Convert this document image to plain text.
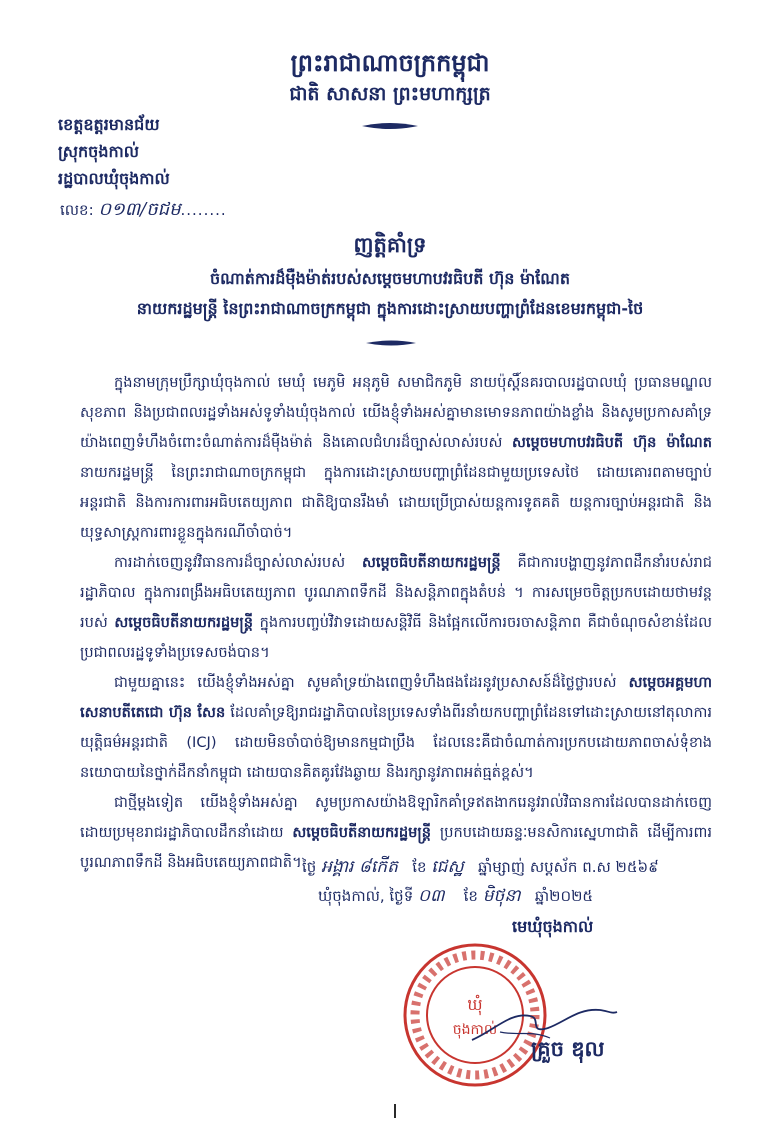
ព្រះរាជាណាចក្រកម្ពុជា
ជាតិ សាសនា ព្រះមហាក្សត្រ
ខេត្តឧត្ដរមានជ័យ
ស្រុកចុងកាល់
រដ្ឋបាលឃុំចុងកាល់
លេខ: ០១៣/ចជម........
ញត្តិគាំទ្រ
ចំណាត់ការដ៏ម៉ឺងម៉ាត់របស់សម្ដេចមហាបវរធិបតី ហ៊ុន ម៉ាណែត
នាយករដ្ឋមន្ត្រី នៃព្រះរាជាណាចក្រកម្ពុជា ក្នុងការដោះស្រាយបញ្ហាព្រំដែនខេមរកម្ពុជា-ថៃ

ក្នុងនាមក្រុមប្រឹក្សាឃុំចុងកាល់ មេឃុំ មេភូមិ អនុភូមិ សមាជិកភូមិ នាយប៉ុស្តិ៍នគរបាលរដ្ឋបាលឃុំ ប្រធានមណ្ឌលសុខភាព និងប្រជាពលរដ្ឋទាំងអស់ទូទាំងឃុំចុងកាល់ យើងខ្ញុំទាំងអស់គ្នាមានមោទនភាពយ៉ាងខ្លាំង និងសូមប្រកាសគាំទ្រយ៉ាងពេញទំហឹងចំពោះចំណាត់ការដ៏ម៉ឺងម៉ាត់ និងគោលជំហរដ៏ច្បាស់លាស់របស់ សម្តេចមហាបវរធិបតី ហ៊ុន ម៉ាណែត នាយករដ្ឋមន្ត្រី នៃព្រះរាជាណាចក្រកម្ពុជា ក្នុងការដោះស្រាយបញ្ហាព្រំដែនជាមួយប្រទេសថៃ ដោយគោរពតាមច្បាប់អន្តរជាតិ និងការការពារអធិបតេយ្យភាព ជាតិឱ្យបានរឹងមាំ ដោយប្រើប្រាស់យន្តការទូតគតិ យន្តការច្បាប់អន្តរជាតិ និងយុទ្ធសាស្ត្រការពារខ្លួនក្នុងករណីចាំបាច់។

ការដាក់ចេញនូវវិធានការដ៏ច្បាស់លាស់របស់ សម្តេចធិបតីនាយករដ្ឋមន្ត្រី គឺជាការបង្ហាញនូវភាពដឹកនាំរបស់រាជរដ្ឋាភិបាល ក្នុងការពង្រឹងអធិបតេយ្យភាព បូរណភាពទឹកដី និងសន្តិភាពក្នុងតំបន់ ។ ការសម្រេចចិត្តប្រកបដោយថាមវន្តរបស់ សម្តេចធិបតីនាយករដ្ឋមន្ត្រី ក្នុងការបញ្ចប់វិវាទដោយសន្តិវិធី និងផ្អែកលើការចរចាសន្តិភាព គឺជាចំណុចសំខាន់ដែលប្រជាពលរដ្ឋទូទាំងប្រទេសចង់បាន។

ជាមួយគ្នានេះ យើងខ្ញុំទាំងអស់គ្នា សូមគាំទ្រយ៉ាងពេញទំហឹងផងដែរនូវប្រសាសន៍ដ៏ថ្លៃថ្លារបស់ សម្តេចអគ្គមហាសេនាបតីតេជោ ហ៊ុន សែន ដែលគាំទ្រឱ្យរាជរដ្ឋាភិបាលនៃប្រទេសទាំងពីរនាំយកបញ្ហាព្រំដែនទៅដោះស្រាយនៅតុលាការយុត្តិធម៌អន្តរជាតិ (ICJ) ដោយមិនចាំបាច់ឱ្យមានកម្មជាប្រឹង ដែលនេះគឺជាចំណាត់ការប្រកបដោយភាពចាស់ទុំខាងនយោបាយនៃថ្នាក់ដឹកនាំកម្ពុជា ដោយបានគិតគូរវែងឆ្ងាយ និងរក្សានូវភាពអត់ធ្មត់ខ្ពស់។

ជាថ្មីម្ដងទៀត យើងខ្ញុំទាំងអស់គ្នា សូមប្រកាសយ៉ាងឱឡារិកគាំទ្រឥតងាករេនូវរាល់វិធានការដែលបានដាក់ចេញដោយប្រមុខរាជរដ្ឋាភិបាលដឹកនាំដោយ សម្តេចធិបតីនាយករដ្ឋមន្ត្រី ប្រកបដោយឆន្ទៈមនសិការស្នេហាជាតិ ដើម្បីការពារបូរណភាពទឹកដី និងអធិបតេយ្យភាពជាតិ។ ថ្ងៃ អង្គារ ៨កើត ខែ ជេស្ឋ ឆ្នាំម្សាញ់ សប្តស័ក ព.ស ២៥៦៩
ឃុំចុងកាល់, ថ្ងៃទី ០៣ ខែ មិថុនា ឆ្នាំ២០២៥
មេឃុំចុងកាល់
ឃុំ
ចុងកាល់
គ្រួច ឌុល
